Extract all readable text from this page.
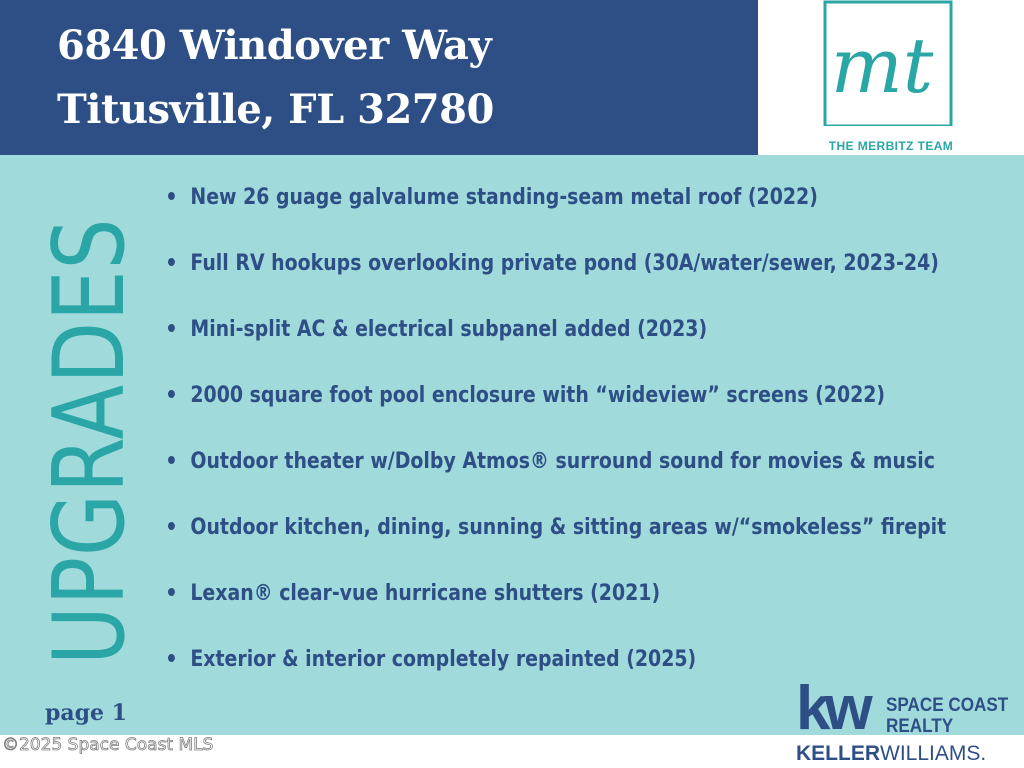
6840 Windover Way
Titusville, FL 32780	mt
THE MERBITZ TEAM
New 26 guage galvalume standing-seam metal roof (2022)
Full RV hookups overlooking private pond (30A/water/sewer, 2023-24)
Mini-split AC & electrical subpanel added (2023)
2000 square foot pool enclosure with “wideview” screens (2022)
Outdoor theater w/Dolby Atmos® surround sound for movies & music
Outdoor kitchen, dining, sunning & sitting areas w/“smokeless” firepit
Lexan® clear-vue hurricane shutters (2021)
Exterior & interior completely repainted (2025)
UPGRADES
page 1
©2025 Space Coast MLS
kw SPACE COAST
REALTY
KELLERWILLIAMS.
